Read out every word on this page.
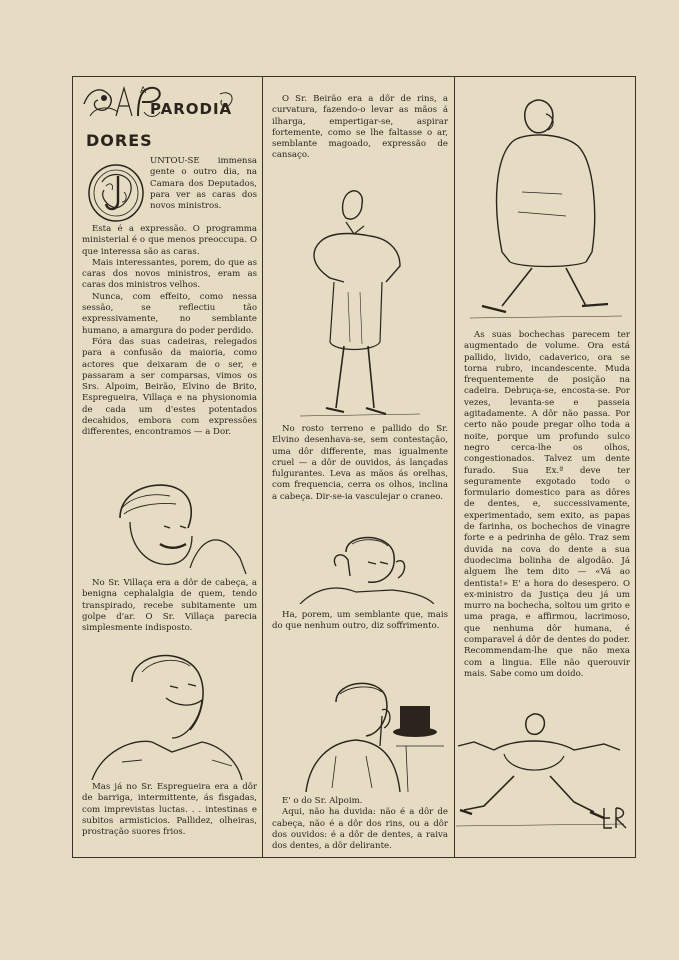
A
PARODIA
DORES

UNTOU-SE immensa gente o outro dia, na Camara dos Deputados, para ver as caras dos novos ministros.

Esta é a expressão. O programma ministerial é o que menos preoccupa. O que interessa são as caras.

Mais interessantes, porem, do que as caras dos novos ministros, eram as caras dos ministros velhos.

Nunca, com effeito, como nessa sessão, se reflectiu tão expressivamente, no semblante humano, a amargura do poder perdido.

Fóra das suas cadeiras, relegados para a confusão da maioria, como actores que deixaram de o ser, e passaram a ser comparsas, vimos os Srs. Alpoim, Beirão, Elvino de Brito, Espregueira, Villaça e na physionomia de cada um d'estes potentados decahidos, embora com expressões differentes, encontramos — a Dor.

No Sr. Villaça era a dôr de cabeça, a benigna cephalalgia de quem, tendo transpirado, recebe subitamente um golpe d'ar. O Sr. Villaça parecia simplesmente indisposto.

Mas já no Sr. Espregueira era a dôr de barriga, intermittente, ás fisgadas, com imprevistas luctas. . . intestinas e subitos armisticios. Pallidez, olheiras, prostração suores frios.

O Sr. Beirão era a dôr de rins, a curvatura, fazendo-o levar as mãos á ilharga, empertigar-se, aspirar fortemente, como se lhe faltasse o ar, semblante magoado, expressão de cansaço.

No rosto terreno e pallido do Sr. Elvino desenhava-se, sem contestação, uma dôr differente, mas igualmente cruel — a dôr de ouvidos, ás lançadas fulgurantes. Leva as mãos ás orelhas, com frequencia, cerra os olhos, inclina a cabeça. Dir-se-ia vasculejar o craneo.

Ha, porem, um semblante que, mais do que nenhum outro, diz soffrimento.

E' o do Sr. Alpoim.

Aqui, não ha duvida: não é a dôr de cabeça, não é a dôr dos rins, ou a dôr dos ouvidos: é a dôr de dentes, a raiva dos dentes, a dôr delirante.

As suas bochechas parecem ter augmentado de volume. Ora está pallido, livido, cadaverico, ora se torna rubro, incandescente. Muda frequentemente de posição na cadeira. Debruça-se, encosta-se. Por vezes, levanta-se e passeia agitadamente. A dôr não passa. Por certo não poude pregar olho toda a noite, porque um profundo sulco negro cerca-lhe os olhos, congestionados. Talvez um dente furado. Sua Ex.ª deve ter seguramente exgotado todo o formulario domestico para as dôres de dentes, e, successivamente, experimentado, sem exito, as papas de farinha, os bochechos de vinagre forte e a pedrinha de gêlo. Traz sem duvida na cova do dente a sua duodecima bolinha de algodão. Já alguem lhe tem dito — «Vá ao dentista!» E' a hora do desespero. O ex-ministro da Justiça deu já um murro na bochecha, soltou um grito e uma praga, e affirmou, lacrimoso, que nenhuma dôr humana, é comparavel á dôr de dentes do poder. Recommendam-lhe que não mexa com a lingua. Elle não querouvir mais. Sabe como um doido.
